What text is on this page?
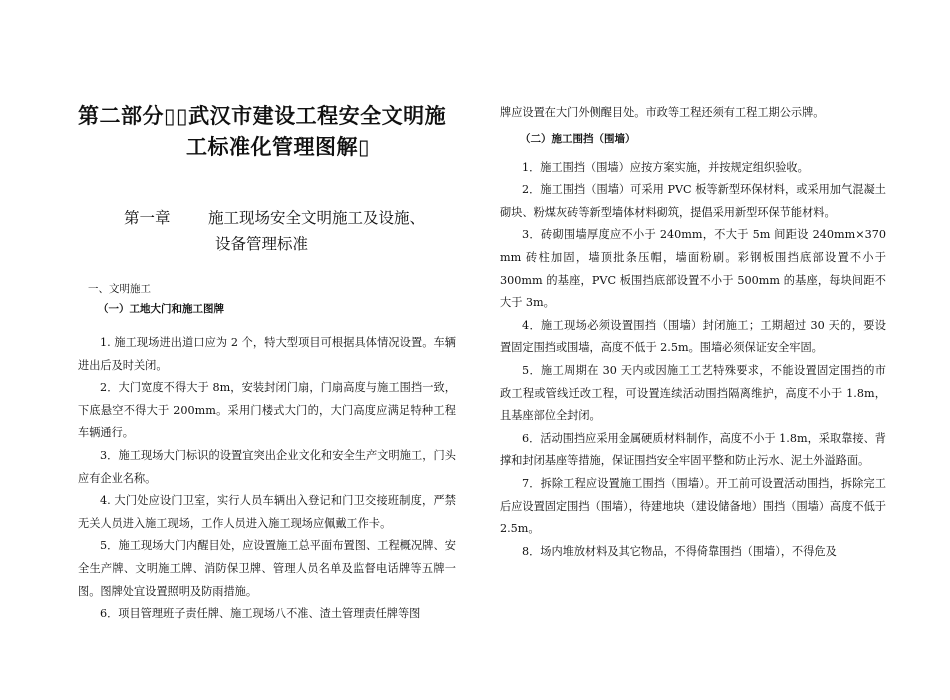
第二部分▯▯武汉市建设工程安全文明施
工标准化管理图解▯
第一章 施工现场安全文明施工及设施、
设备管理标准
一、文明施工
（一）工地大门和施工图牌

1. 施工现场进出道口应为 2 个，特大型项目可根据具体情况设置。车辆进出后及时关闭。

2．大门宽度不得大于 8m，安装封闭门扇，门扇高度与施工围挡一致，下底悬空不得大于 200mm。采用门楼式大门的，大门高度应满足特种工程车辆通行。

3．施工现场大门标识的设置宜突出企业文化和安全生产文明施工，门头应有企业名称。

4. 大门处应设门卫室，实行人员车辆出入登记和门卫交接班制度，严禁无关人员进入施工现场，工作人员进入施工现场应佩戴工作卡。

5．施工现场大门内醒目处，应设置施工总平面布置图、工程概况牌、安全生产牌、文明施工牌、消防保卫牌、管理人员名单及监督电话牌等五牌一图。图牌处宜设置照明及防雨措施。

6．项目管理班子责任牌、施工现场八不准、渣土管理责任牌等图

牌应设置在大门外侧醒目处。市政等工程还须有工程工期公示牌。

（二）施工围挡（围墙）

1．施工围挡（围墙）应按方案实施，并按规定组织验收。

2．施工围挡（围墙）可采用 PVC 板等新型环保材料，或采用加气混凝土砌块、粉煤灰砖等新型墙体材料砌筑，提倡采用新型环保节能材料。

3．砖砌围墙厚度应不小于 240mm，不大于 5m 间距设 240mm×370 mm 砖柱加固，墙顶批条压帽，墙面粉刷。彩钢板围挡底部设置不小于 300mm 的基座，PVC 板围挡底部设置不小于 500mm 的基座，每块间距不大于 3m。

4．施工现场必须设置围挡（围墙）封闭施工；工期超过 30 天的，要设置固定围挡或围墙，高度不低于 2.5m。围墙必须保证安全牢固。

5．施工周期在 30 天内或因施工工艺特殊要求，不能设置固定围挡的市政工程或管线迁改工程，可设置连续活动围挡隔离维护，高度不小于 1.8m，且基座部位全封闭。

6．活动围挡应采用金属硬质材料制作，高度不小于 1.8m，采取靠接、背撑和封闭基座等措施，保证围挡安全牢固平整和防止污水、泥土外溢路面。

7．拆除工程应设置施工围挡（围墙）。开工前可设置活动围挡，拆除完工后应设置固定围挡（围墙），待建地块（建设储备地）围挡（围墙）高度不低于 2.5m。

8．场内堆放材料及其它物品，不得倚靠围挡（围墙），不得危及
